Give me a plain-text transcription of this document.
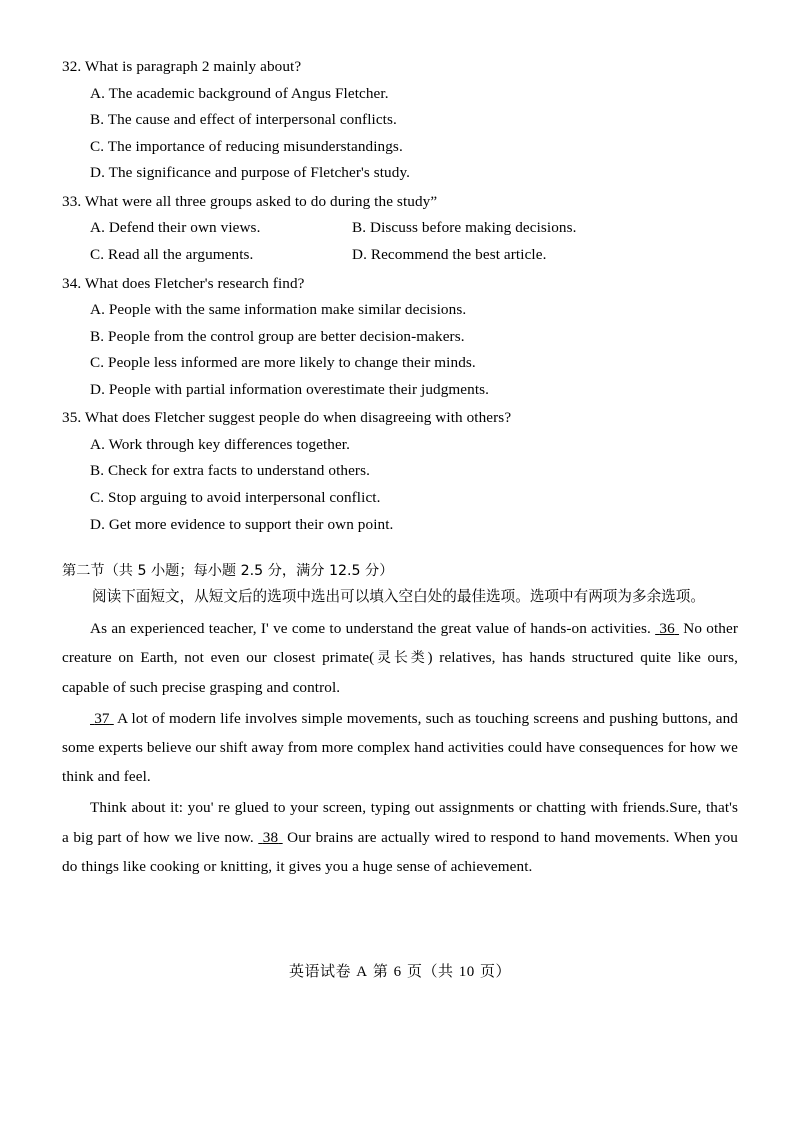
32. What is paragraph 2 mainly about?

A. The academic background of Angus Fletcher.

B. The cause and effect of interpersonal conflicts.

C. The importance of reducing misunderstandings.

D. The significance and purpose of Fletcher's study.

33. What were all three groups asked to do during the study”

A. Defend their own views.	B. Discuss before making decisions.
C. Read all the arguments.	D. Recommend the best article.

34. What does Fletcher's research find?

A. People with the same information make similar decisions.

B. People from the control group are better decision-makers.

C. People less informed are more likely to change their minds.

D. People with partial information overestimate their judgments.

35. What does Fletcher suggest people do when disagreeing with others?

A. Work through key differences together.

B. Check for extra facts to understand others.

C. Stop arguing to avoid interpersonal conflict.

D. Get more evidence to support their own point.

第二节（共 5 小题；每小题 2.5 分，满分 12.5 分）

阅读下面短文，从短文后的选项中选出可以填入空白处的最佳选项。选项中有两项为多余选项。

As an experienced teacher, I' ve come to understand the great value of hands-on activities. 36 No other creature on Earth, not even our closest primate(灵长类) relatives, has hands structured quite like ours, capable of such precise grasping and control.

37 A lot of modern life involves simple movements, such as touching screens and pushing buttons, and some experts believe our shift away from more complex hand activities could have consequences for how we think and feel.

Think about it: you' re glued to your screen, typing out assignments or chatting with friends.Sure, that's a big part of how we live now. 38 Our brains are actually wired to respond to hand movements. When you do things like cooking or knitting, it gives you a huge sense of achievement.

英语试卷 A 第 6 页（共 10 页）
